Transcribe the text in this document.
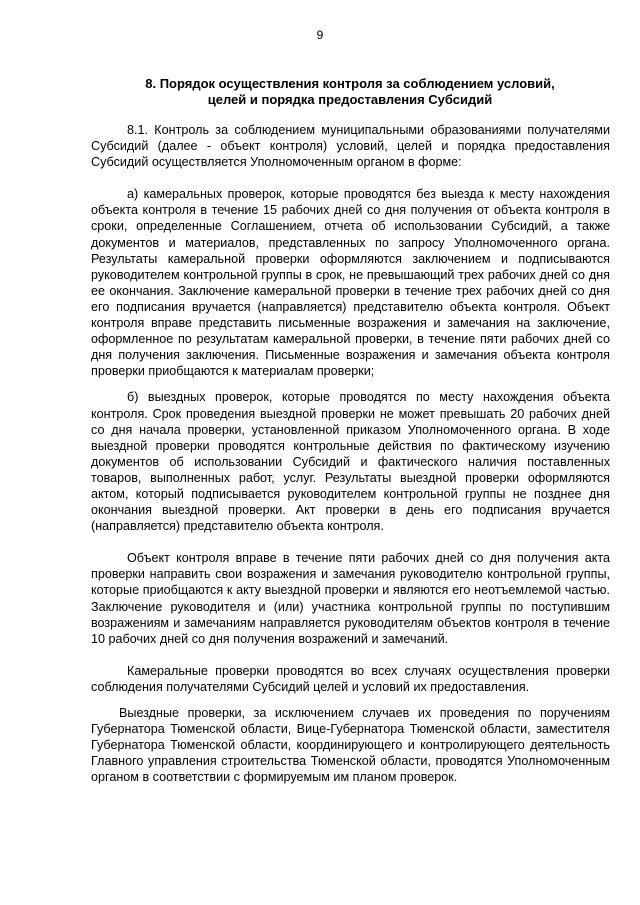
9
8. Порядок осуществления контроля за соблюдением условий,
целей и порядка предоставления Субсидий

8.1. Контроль за соблюдением муниципальными образованиями получателями Субсидий (далее - объект контроля) условий, целей и порядка предоставления Субсидий осуществляется Уполномоченным органом в форме:

а) камеральных проверок, которые проводятся без выезда к месту нахождения объекта контроля в течение 15 рабочих дней со дня получения от объекта контроля в сроки, определенные Соглашением, отчета об использовании Субсидий, а также документов и материалов, представленных по запросу Уполномоченного органа. Результаты камеральной проверки оформляются заключением и подписываются руководителем контрольной группы в срок, не превышающий трех рабочих дней со дня ее окончания. Заключение камеральной проверки в течение трех рабочих дней со дня его подписания вручается (направляется) представителю объекта контроля. Объект контроля вправе представить письменные возражения и замечания на заключение, оформленное по результатам камеральной проверки, в течение пяти рабочих дней со дня получения заключения. Письменные возражения и замечания объекта контроля проверки приобщаются к материалам проверки;

б) выездных проверок, которые проводятся по месту нахождения объекта контроля. Срок проведения выездной проверки не может превышать 20 рабочих дней со дня начала проверки, установленной приказом Уполномоченного органа. В ходе выездной проверки проводятся контрольные действия по фактическому изучению документов об использовании Субсидий и фактического наличия поставленных товаров, выполненных работ, услуг. Результаты выездной проверки оформляются актом, который подписывается руководителем контрольной группы не позднее дня окончания выездной проверки. Акт проверки в день его подписания вручается (направляется) представителю объекта контроля.

Объект контроля вправе в течение пяти рабочих дней со дня получения акта проверки направить свои возражения и замечания руководителю контрольной группы, которые приобщаются к акту выездной проверки и являются его неотъемлемой частью. Заключение руководителя и (или) участника контрольной группы по поступившим возражениям и замечаниям направляется руководителям объектов контроля в течение 10 рабочих дней со дня получения возражений и замечаний.

Камеральные проверки проводятся во всех случаях осуществления проверки соблюдения получателями Субсидий целей и условий их предоставления.

Выездные проверки, за исключением случаев их проведения по поручениям Губернатора Тюменской области, Вице-Губернатора Тюменской области, заместителя Губернатора Тюменской области, координирующего и контролирующего деятельность Главного управления строительства Тюменской области, проводятся Уполномоченным органом в соответствии с формируемым им планом проверок.
